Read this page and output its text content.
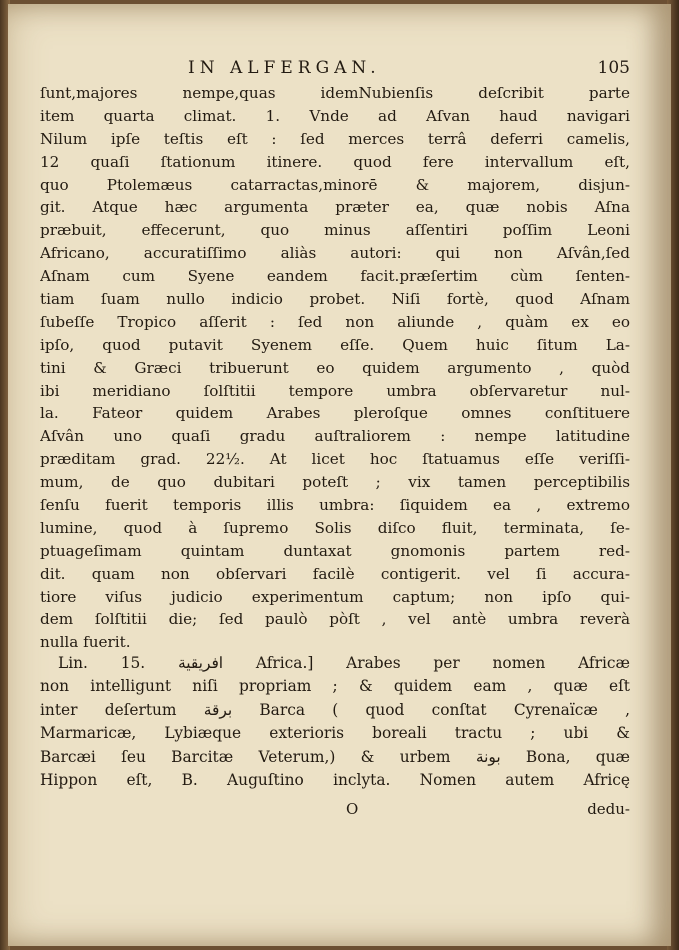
IN ALFERGAN.	105
ſunt,majores nempe,quas idemNubienſis deſcribit parte
item quarta climat. 1. Vnde ad Aſvan haud navigari
Nilum ipſe teſtis eſt : ſed merces terrâ deferri camelis,
12 quaſi ſtationum itinere. quod fere intervallum eſt,
quo Ptolemæus catarractas,minorē & majorem, disjun-
git. Atque hæc argumenta præter ea, quæ nobis Aſna
præbuit, effecerunt, quo minus aſſentiri poſſim Leoni
Africano, accuratiſſimo aliàs autori: qui non Aſvân,ſed
Aſnam cum Syene eandem facit.præſertim cùm ſenten-
tiam ſuam nullo indicio probet. Niſi fortè, quod Aſnam
ſubeſſe Tropico aſſerit : ſed non aliunde , quàm ex eo
ipſo, quod putavit Syenem eſſe. Quem huic ſitum La-
tini & Græci tribuerunt eo quidem argumento , quòd
ibi meridiano ſolſtitii tempore umbra obſervaretur nul-
la. Fateor quidem Arabes pleroſque omnes conſtituere
Aſvân uno quaſi gradu auſtraliorem : nempe latitudine
præditam grad. 22½. At licet hoc ſtatuamus eſſe veriſſi-
mum, de quo dubitari poteſt ; vix tamen perceptibilis
ſenſu fuerit temporis illis umbra: ſiquidem ea , extremo
lumine, quod à ſupremo Solis diſco fluit, terminata, ſe-
ptuageſimam quintam duntaxat gnomonis partem red-
dit. quam non obſervari facilè contigerit. vel ſi accura-
tiore viſus judicio experimentum captum; non ipſo qui-
dem ſolſtitii die; ſed paulò pòſt , vel antè umbra reverà
nulla fuerit.
Lin. 15. افريقية Africa.] Arabes per nomen Africæ
non intelligunt niſi propriam ; & quidem eam , quæ eſt
inter deſertum برقة Barca ( quod conſtat Cyrenaïcæ ,
Marmaricæ, Lybiæque exterioris boreali tractu ; ubi &
Barcæi ſeu Barcitæ Veterum,) & urbem بونة Bona, quæ
Hippon eſt, B. Auguſtino inclyta. Nomen autem Africę
O	dedu-
